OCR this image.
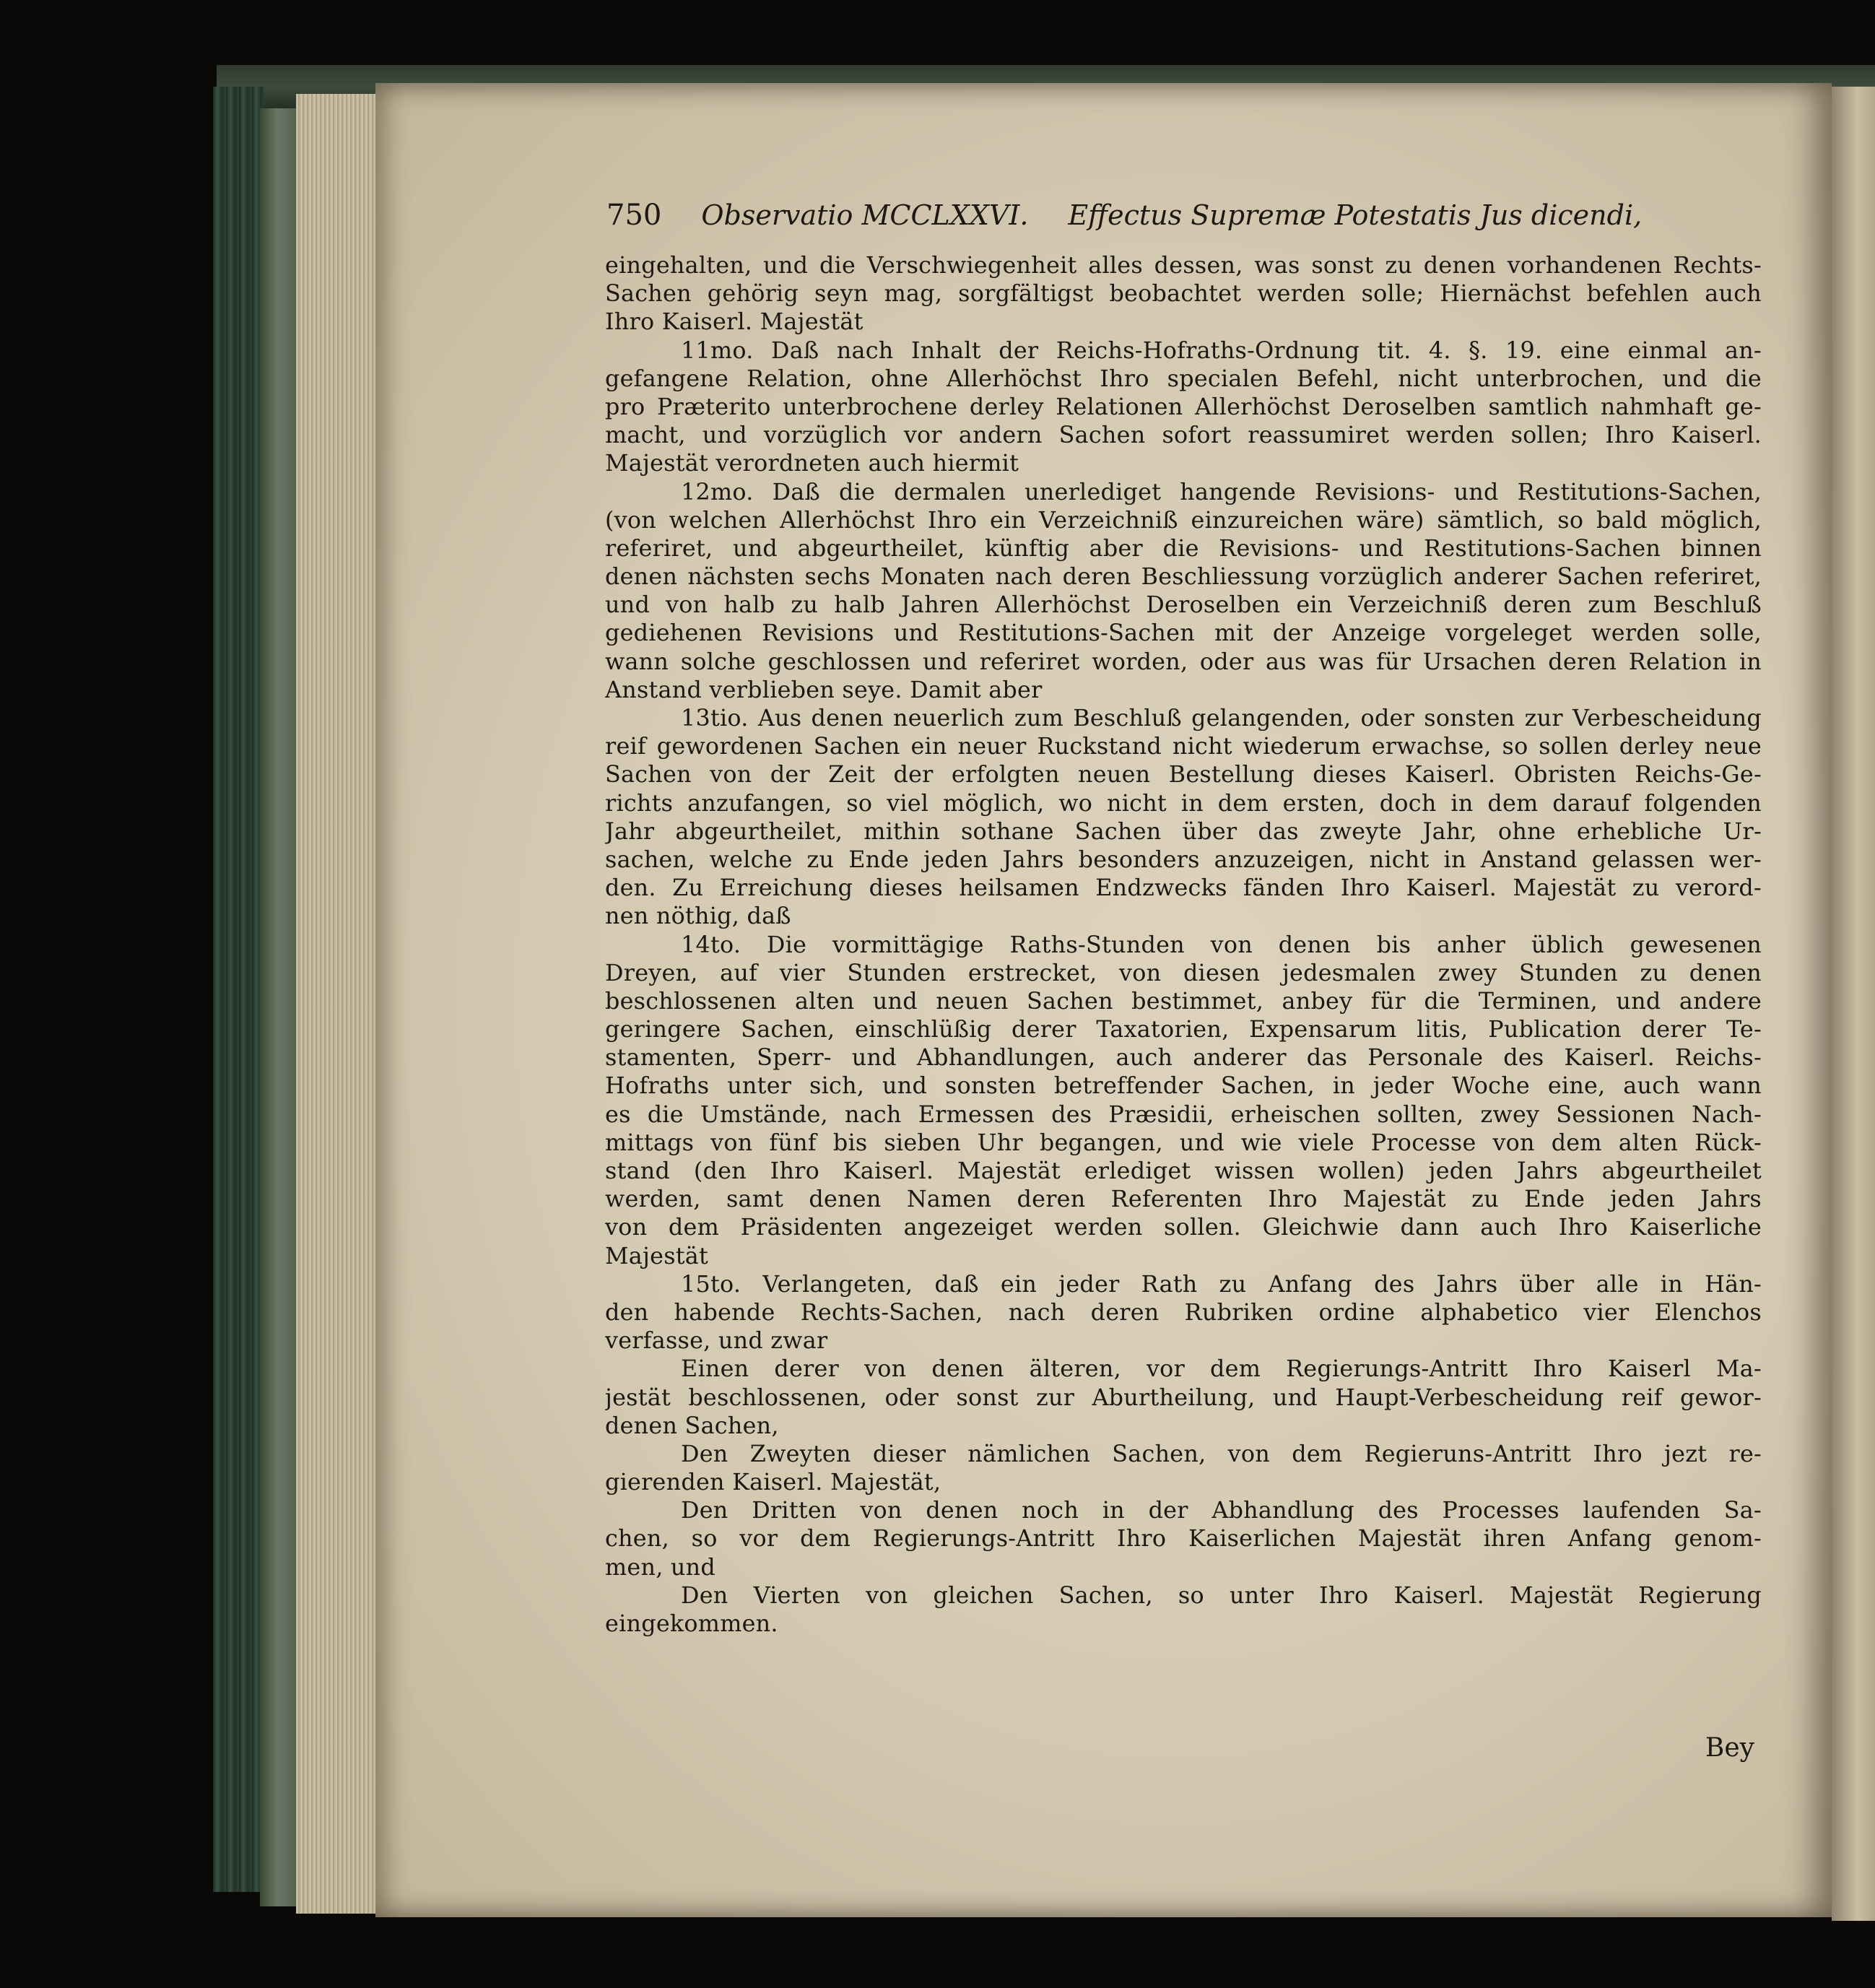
750 Observatio MCCLXXVI. Effectus Supremæ Potestatis Jus dicendi,
eingehalten, und die Verschwiegenheit alles dessen, was sonst zu denen vorhandenen Rechts-
Sachen gehörig seyn mag, sorgfältigst beobachtet werden solle; Hiernächst befehlen auch
Ihro Kaiserl. Majestät
11mo. Daß nach Inhalt der Reichs-Hofraths-Ordnung tit. 4. §. 19. eine einmal an-
gefangene Relation, ohne Allerhöchst Ihro specialen Befehl, nicht unterbrochen, und die
pro Præterito unterbrochene derley Relationen Allerhöchst Deroselben samtlich nahmhaft ge-
macht, und vorzüglich vor andern Sachen sofort reassumiret werden sollen; Ihro Kaiserl.
Majestät verordneten auch hiermit
12mo. Daß die dermalen unerlediget hangende Revisions- und Restitutions-Sachen,
(von welchen Allerhöchst Ihro ein Verzeichniß einzureichen wäre) sämtlich, so bald möglich,
referiret, und abgeurtheilet, künftig aber die Revisions- und Restitutions-Sachen binnen
denen nächsten sechs Monaten nach deren Beschliessung vorzüglich anderer Sachen referiret,
und von halb zu halb Jahren Allerhöchst Deroselben ein Verzeichniß deren zum Beschluß
gediehenen Revisions und Restitutions-Sachen mit der Anzeige vorgeleget werden solle,
wann solche geschlossen und referiret worden, oder aus was für Ursachen deren Relation in
Anstand verblieben seye. Damit aber
13tio. Aus denen neuerlich zum Beschluß gelangenden, oder sonsten zur Verbescheidung
reif gewordenen Sachen ein neuer Ruckstand nicht wiederum erwachse, so sollen derley neue
Sachen von der Zeit der erfolgten neuen Bestellung dieses Kaiserl. Obristen Reichs-Ge-
richts anzufangen, so viel möglich, wo nicht in dem ersten, doch in dem darauf folgenden
Jahr abgeurtheilet, mithin sothane Sachen über das zweyte Jahr, ohne erhebliche Ur-
sachen, welche zu Ende jeden Jahrs besonders anzuzeigen, nicht in Anstand gelassen wer-
den. Zu Erreichung dieses heilsamen Endzwecks fänden Ihro Kaiserl. Majestät zu verord-
nen nöthig, daß
14to. Die vormittägige Raths-Stunden von denen bis anher üblich gewesenen
Dreyen, auf vier Stunden erstrecket, von diesen jedesmalen zwey Stunden zu denen
beschlossenen alten und neuen Sachen bestimmet, anbey für die Terminen, und andere
geringere Sachen, einschlüßig derer Taxatorien, Expensarum litis, Publication derer Te-
stamenten, Sperr- und Abhandlungen, auch anderer das Personale des Kaiserl. Reichs-
Hofraths unter sich, und sonsten betreffender Sachen, in jeder Woche eine, auch wann
es die Umstände, nach Ermessen des Præsidii, erheischen sollten, zwey Sessionen Nach-
mittags von fünf bis sieben Uhr begangen, und wie viele Processe von dem alten Rück-
stand (den Ihro Kaiserl. Majestät erlediget wissen wollen) jeden Jahrs abgeurtheilet
werden, samt denen Namen deren Referenten Ihro Majestät zu Ende jeden Jahrs
von dem Präsidenten angezeiget werden sollen. Gleichwie dann auch Ihro Kaiserliche
Majestät
15to. Verlangeten, daß ein jeder Rath zu Anfang des Jahrs über alle in Hän-
den habende Rechts-Sachen, nach deren Rubriken ordine alphabetico vier Elenchos
verfasse, und zwar
Einen derer von denen älteren, vor dem Regierungs-Antritt Ihro Kaiserl Ma-
jestät beschlossenen, oder sonst zur Aburtheilung, und Haupt-Verbescheidung reif gewor-
denen Sachen,
Den Zweyten dieser nämlichen Sachen, von dem Regieruns-Antritt Ihro jezt re-
gierenden Kaiserl. Majestät,
Den Dritten von denen noch in der Abhandlung des Processes laufenden Sa-
chen, so vor dem Regierungs-Antritt Ihro Kaiserlichen Majestät ihren Anfang genom-
men, und
Den Vierten von gleichen Sachen, so unter Ihro Kaiserl. Majestät Regierung
eingekommen.
Bey
